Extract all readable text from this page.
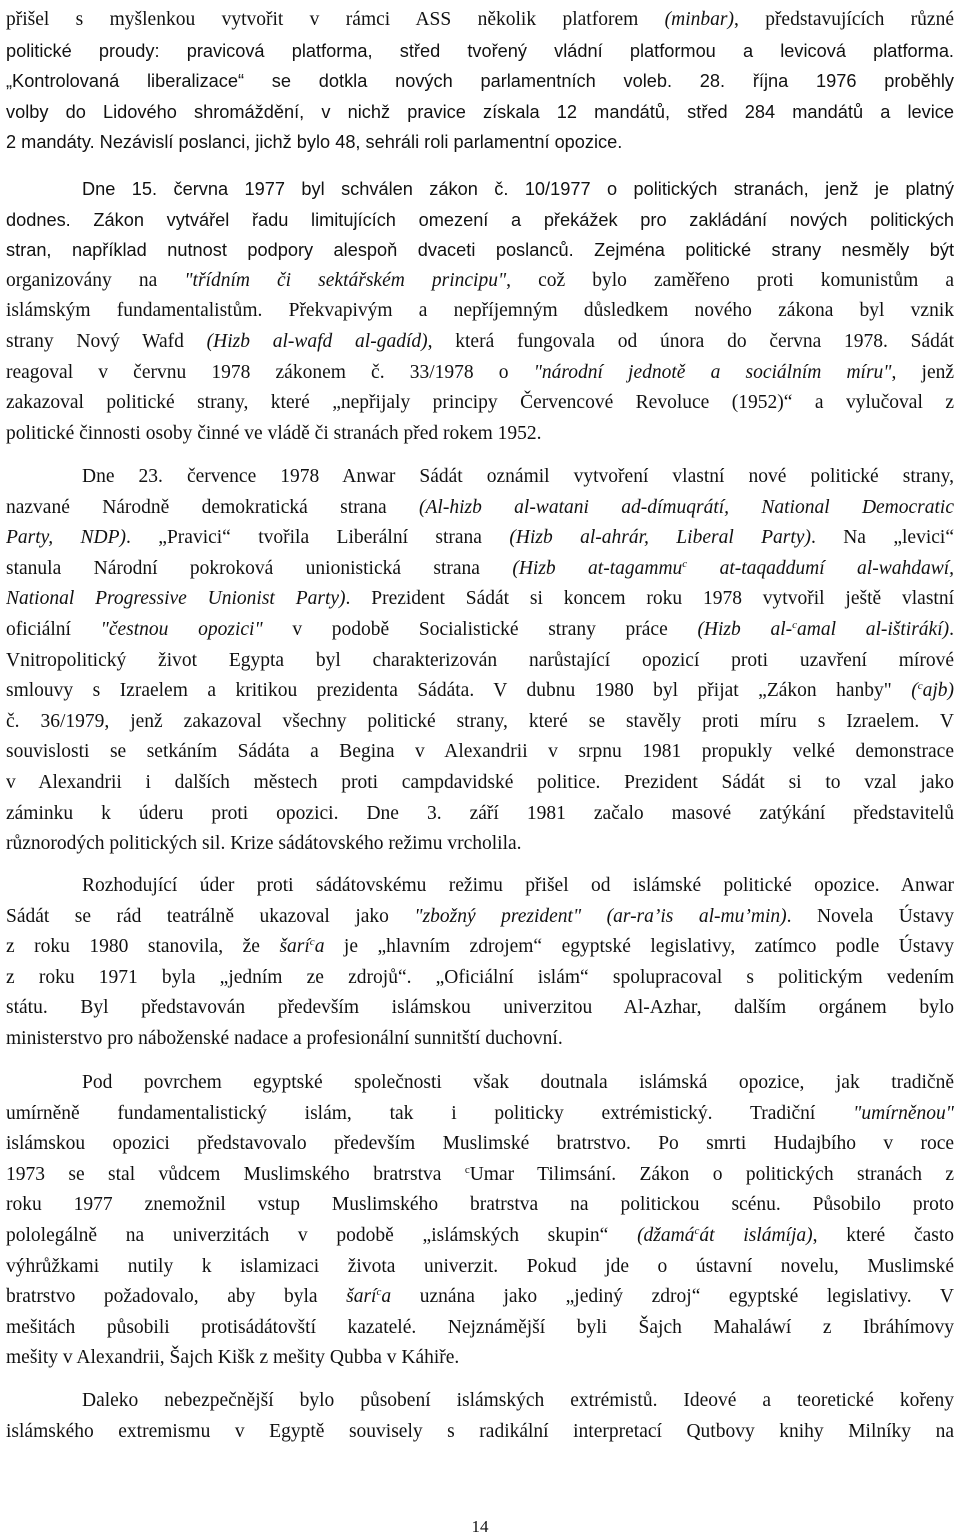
přišel s myšlenkou vytvořit v rámci ASS několik platforem (minbar), představujících různé
politické proudy: pravicová platforma, střed tvořený vládní platformou a levicová platforma.
„Kontrolovaná liberalizace“ se dotkla nových parlamentních voleb. 28. října 1976 proběhly
volby do Lidového shromáždění, v nichž pravice získala 12 mandátů, střed 284 mandátů a levice
2 mandáty. Nezávislí poslanci, jichž bylo 48, sehráli roli parlamentní opozice.
Dne 15. června 1977 byl schválen zákon č. 10/1977 o politických stranách, jenž je platný
dodnes. Zákon vytvářel řadu limitujících omezení a překážek pro zakládání nových politických
stran, například nutnost podpory alespoň dvaceti poslanců. Zejména politické strany nesměly být
organizovány na "třídním či sektářském principu", což bylo zaměřeno proti komunistům a
islámským fundamentalistům. Překvapivým a nepříjemným důsledkem nového zákona byl vznik
strany Nový Wafd (Hizb al-wafd al-gadíd), která fungovala od února do června 1978. Sádát
reagoval v červnu 1978 zákonem č. 33/1978 o "národní jednotě a sociálním míru", jenž
zakazoval politické strany, které „nepřijaly principy Červencové Revoluce (1952)“ a vylučoval z
politické činnosti osoby činné ve vládě či stranách před rokem 1952.
Dne 23. července 1978 Anwar Sádát oznámil vytvoření vlastní nové politické strany,
nazvané Národně demokratická strana (Al-hizb al-watani ad-dímuqrátí, National Democratic
Party, NDP). „Pravici“ tvořila Liberální strana (Hizb al-ahrár, Liberal Party). Na „levici“
stanula Národní pokroková unionistická strana (Hizb at-tagammu$^c$ at-taqaddumí al-wahdawí,
National Progressive Unionist Party). Prezident Sádát si koncem roku 1978 vytvořil ještě vlastní
oficiální "čestnou opozici" v podobě Socialistické strany práce (Hizb al-$^c$amal al-ištirákí).
Vnitropolitický život Egypta byl charakterizován narůstající opozicí proti uzavření mírové
smlouvy s Izraelem a kritikou prezidenta Sádáta. V dubnu 1980 byl přijat „Zákon hanby" ($^c$ajb)
č. 36/1979, jenž zakazoval všechny politické strany, které se stavěly proti míru s Izraelem. V
souvislosti se setkáním Sádáta a Begina v Alexandrii v srpnu 1981 propukly velké demonstrace
v Alexandrii i dalších městech proti campdavidské politice. Prezident Sádát si to vzal jako
záminku k úderu proti opozici. Dne 3. září 1981 začalo masové zatýkání představitelů
různorodých politických sil. Krize sádátovského režimu vrcholila.
Rozhodující úder proti sádátovskému režimu přišel od islámské politické opozice. Anwar
Sádát se rád teatrálně ukazoval jako "zbožný prezident" (ar-ra’is al-mu’min). Novela Ústavy
z roku 1980 stanovila, že šarí$^c$a je „hlavním zdrojem“ egyptské legislativy, zatímco podle Ústavy
z roku 1971 byla „jedním ze zdrojů“. „Oficiální islám“ spolupracoval s politickým vedením
státu. Byl představován především islámskou univerzitou Al-Azhar, dalším orgánem bylo
ministerstvo pro náboženské nadace a profesionální sunnitští duchovní.
Pod povrchem egyptské společnosti však doutnala islámská opozice, jak tradičně
umírněně fundamentalistický islám, tak i politicky extrémistický. Tradiční "umírněnou"
islámskou opozici představovalo především Muslimské bratrstvo. Po smrti Hudajbího v roce
1973 se stal vůdcem Muslimského bratrstva $^c$Umar Tilimsání. Zákon o politických stranách z
roku 1977 znemožnil vstup Muslimského bratrstva na politickou scénu. Působilo proto
pololegálně na univerzitách v podobě „islámských skupin“ (džamá$^c$át islámíja), které často
výhrůžkami nutily k islamizaci života univerzit. Pokud jde o ústavní novelu, Muslimské
bratrstvo požadovalo, aby byla šarí$^c$a uznána jako „jediný zdroj“ egyptské legislativy. V
mešitách působili protisádátovští kazatelé. Nejznámější byli Šajch Mahaláwí z Ibráhímovy
mešity v Alexandrii, Šajch Kišk z mešity Qubba v Káhiře.
Daleko nebezpečnější bylo působení islámských extrémistů. Ideové a teoretické kořeny
islámského extremismu v Egyptě souvisely s radikální interpretací Qutbovy knihy Milníky na
14
